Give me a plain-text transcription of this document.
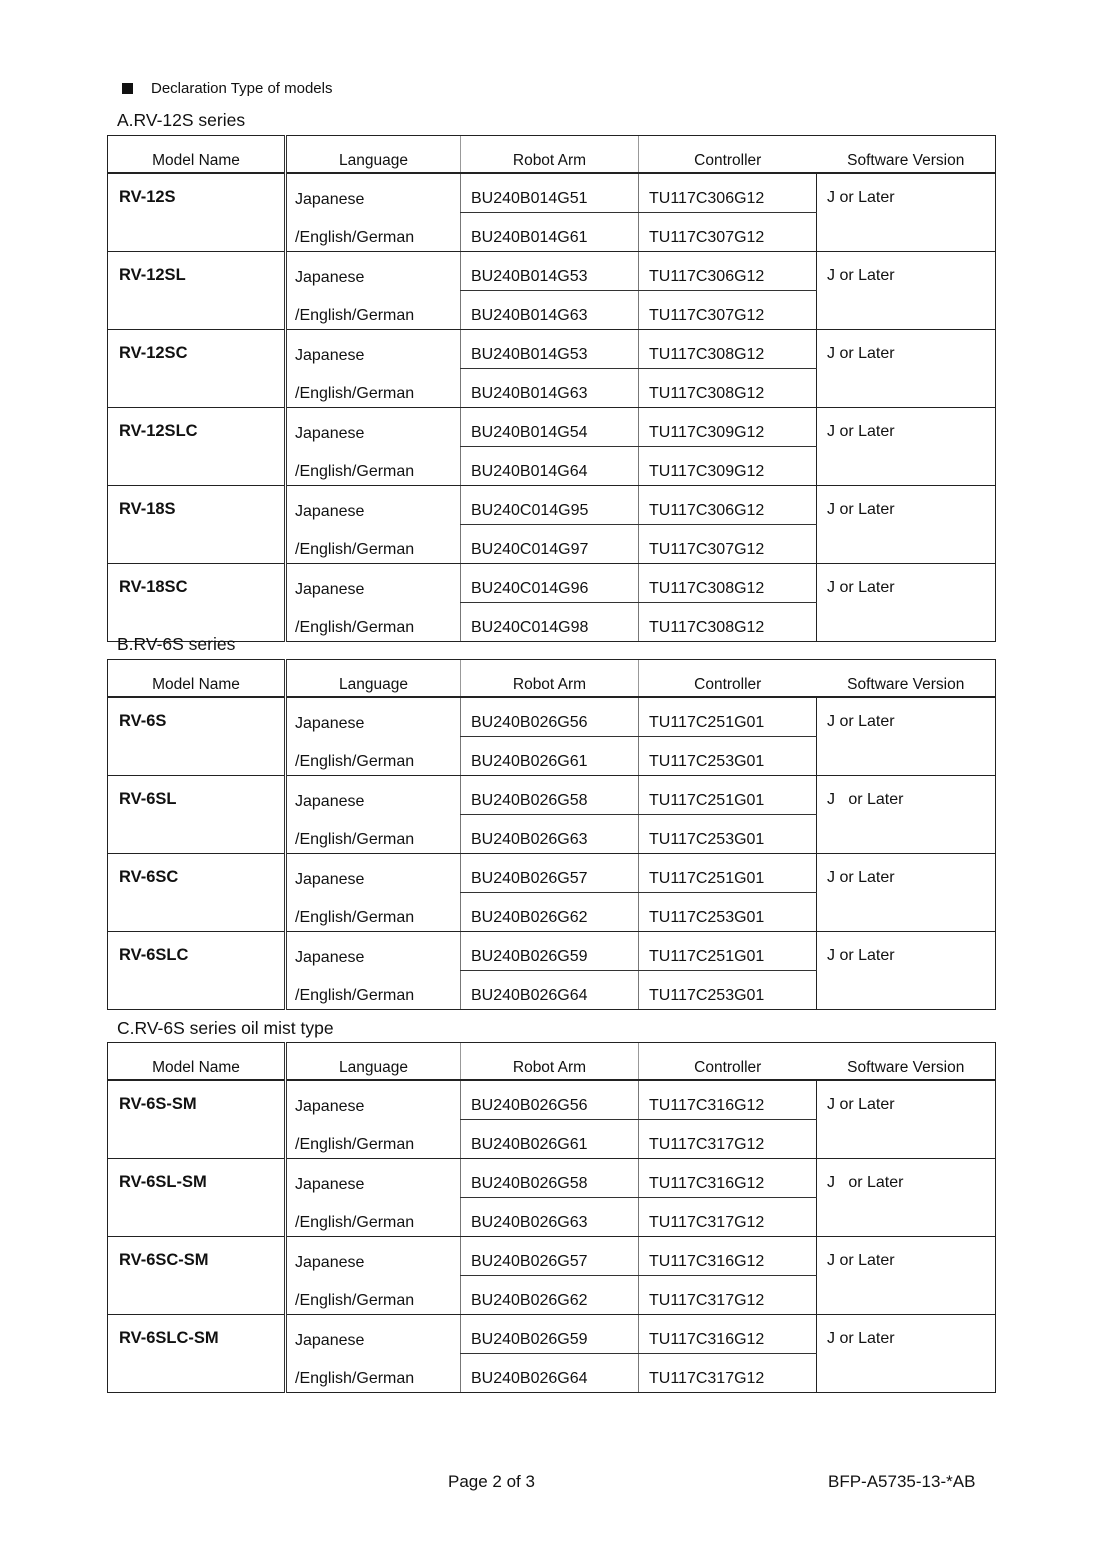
Declaration Type of models
A.RV-12S series
Model Name	Language	Robot Arm	Controller	Software Version
RV-12S	Japanese	BU240B014G51	TU117C306G12	J or Later
	/English/German	BU240B014G61	TU117C307G12	
RV-12SL	Japanese	BU240B014G53	TU117C306G12	J or Later
	/English/German	BU240B014G63	TU117C307G12	
RV-12SC	Japanese	BU240B014G53	TU117C308G12	J or Later
	/English/German	BU240B014G63	TU117C308G12	
RV-12SLC	Japanese	BU240B014G54	TU117C309G12	J or Later
	/English/German	BU240B014G64	TU117C309G12	
RV-18S	Japanese	BU240C014G95	TU117C306G12	J or Later
	/English/German	BU240C014G97	TU117C307G12	
RV-18SC	Japanese	BU240C014G96	TU117C308G12	J or Later
	/English/German	BU240C014G98	TU117C308G12	
B.RV-6S series
Model Name	Language	Robot Arm	Controller	Software Version
RV-6S	Japanese	BU240B026G56	TU117C251G01	J or Later
	/English/German	BU240B026G61	TU117C253G01	
RV-6SL	Japanese	BU240B026G58	TU117C251G01	J   or Later
	/English/German	BU240B026G63	TU117C253G01	
RV-6SC	Japanese	BU240B026G57	TU117C251G01	J or Later
	/English/German	BU240B026G62	TU117C253G01	
RV-6SLC	Japanese	BU240B026G59	TU117C251G01	J or Later
	/English/German	BU240B026G64	TU117C253G01	
C.RV-6S series oil mist type
Model Name	Language	Robot Arm	Controller	Software Version
RV-6S-SM	Japanese	BU240B026G56	TU117C316G12	J or Later
	/English/German	BU240B026G61	TU117C317G12	
RV-6SL-SM	Japanese	BU240B026G58	TU117C316G12	J   or Later
	/English/German	BU240B026G63	TU117C317G12	
RV-6SC-SM	Japanese	BU240B026G57	TU117C316G12	J or Later
	/English/German	BU240B026G62	TU117C317G12	
RV-6SLC-SM	Japanese	BU240B026G59	TU117C316G12	J or Later
	/English/German	BU240B026G64	TU117C317G12	
Page 2 of 3	BFP-A5735-13-*AB
